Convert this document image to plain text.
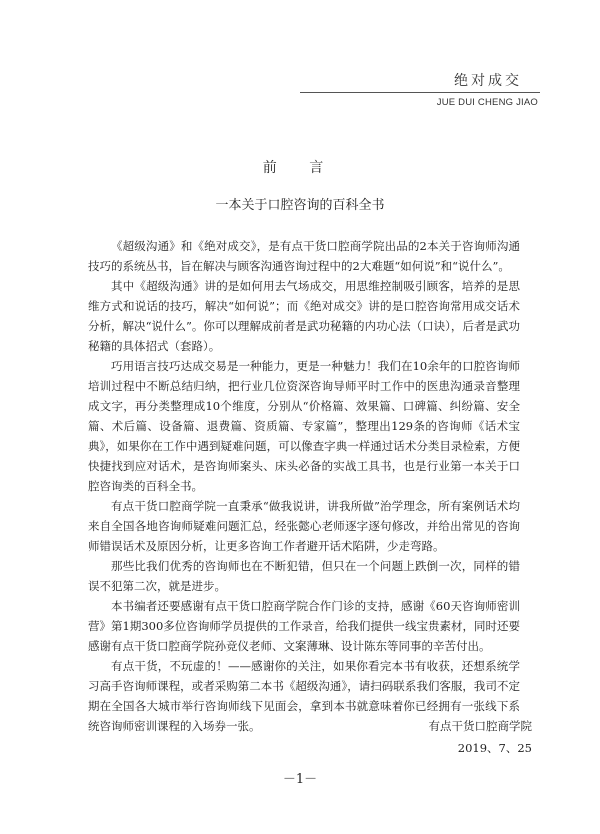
绝对成交
JUE DUI CHENG JIAO
前 言
一本关于口腔咨询的百科全书

《超级沟通》和《绝对成交》，是有点干货口腔商学院出品的2本关于咨询师沟通技巧的系统丛书，旨在解决与顾客沟通咨询过程中的2大难题“如何说”和“说什么”。

其中《超级沟通》讲的是如何用去气场成交，用思维控制吸引顾客，培养的是思维方式和说话的技巧，解决“如何说”；而《绝对成交》讲的是口腔咨询常用成交话术分析，解决“说什么”。你可以理解成前者是武功秘籍的内功心法（口诀），后者是武功秘籍的具体招式（套路）。

巧用语言技巧达成交易是一种能力，更是一种魅力！我们在10余年的口腔咨询师培训过程中不断总结归纳，把行业几位资深咨询导师平时工作中的医患沟通录音整理成文字，再分类整理成10个维度，分别从“价格篇、效果篇、口碑篇、纠纷篇、安全篇、术后篇、设备篇、退费篇、资质篇、专家篇”，整理出129条的咨询师《话术宝典》，如果你在工作中遇到疑难问题，可以像查字典一样通过话术分类目录检索，方便快捷找到应对话术，是咨询师案头、床头必备的实战工具书，也是行业第一本关于口腔咨询类的百科全书。

有点干货口腔商学院一直秉承“做我说讲，讲我所做”治学理念，所有案例话术均来自全国各地咨询师疑难问题汇总，经张懿心老师逐字逐句修改，并给出常见的咨询师错误话术及原因分析，让更多咨询工作者避开话术陷阱，少走弯路。

那些比我们优秀的咨询师也在不断犯错，但只在一个问题上跌倒一次，同样的错误不犯第二次，就是进步。

本书编者还要感谢有点干货口腔商学院合作门诊的支持，感谢《60天咨询师密训营》第1期300多位咨询师学员提供的工作录音，给我们提供一线宝贵素材，同时还要感谢有点干货口腔商学院孙竞仪老师、文案薄琳、设计陈东等同事的辛苦付出。

有点干货，不玩虚的！——感谢你的关注，如果你看完本书有收获，还想系统学习高手咨询师课程，或者采购第二本书《超级沟通》，请扫码联系我们客服，我司不定期在全国各大城市举行咨询师线下见面会，拿到本书就意味着你已经拥有一张线下系统咨询师密训课程的入场券一张。	有点干货口腔商学院
2019、7、25
－1－
